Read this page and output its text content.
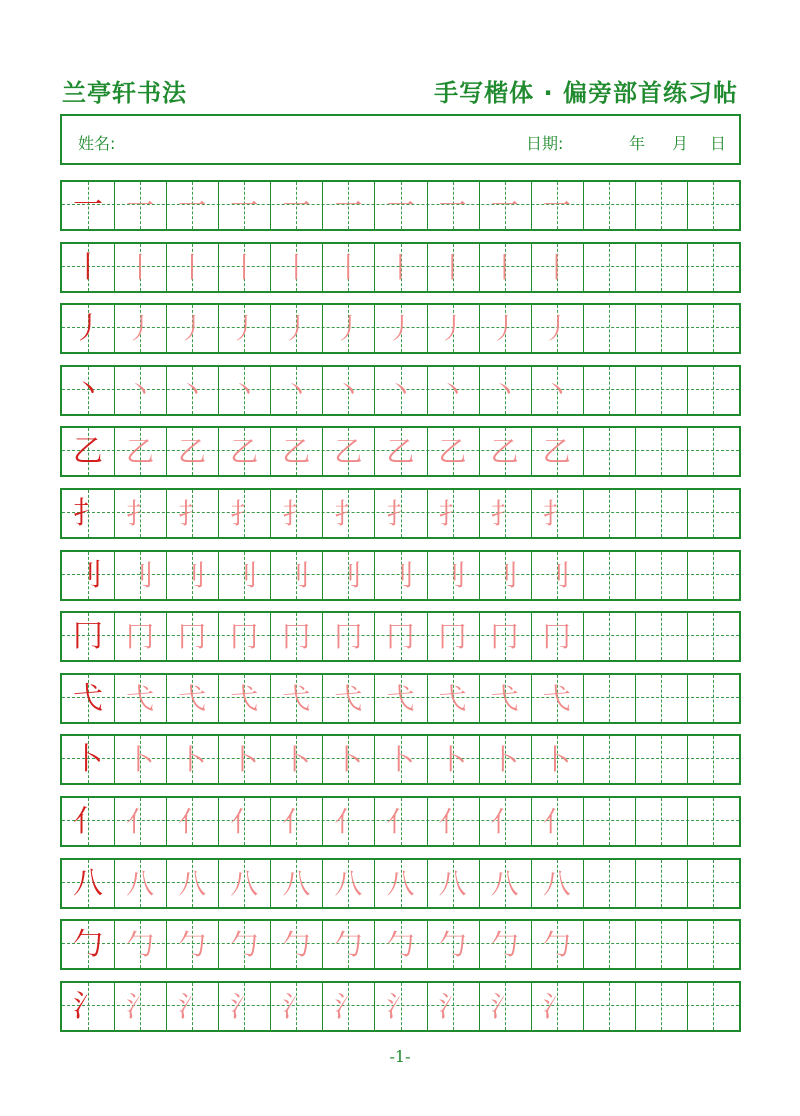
兰亭轩书法	手写楷体 · 偏旁部首练习帖
姓名:	日期:	年 月 日
一 一 一 一 一 一 一 一 一 一
丨 丨 丨 丨 丨 丨 丨 丨 丨 丨
丿 丿 丿 丿 丿 丿 丿 丿 丿 丿
丶 丶 丶 丶 丶 丶 丶 丶 丶 丶
乙 乙 乙 乙 乙 乙 乙 乙 乙 乙
扌 扌 扌 扌 扌 扌 扌 扌 扌 扌
刂 刂 刂 刂 刂 刂 刂 刂 刂 刂
冂 冂 冂 冂 冂 冂 冂 冂 冂 冂
弋 弋 弋 弋 弋 弋 弋 弋 弋 弋
卜 卜 卜 卜 卜 卜 卜 卜 卜 卜
亻 亻 亻 亻 亻 亻 亻 亻 亻 亻
八 八 八 八 八 八 八 八 八 八
勹 勹 勹 勹 勹 勹 勹 勹 勹 勹
氵 氵 氵 氵 氵 氵 氵 氵 氵 氵
-1-
